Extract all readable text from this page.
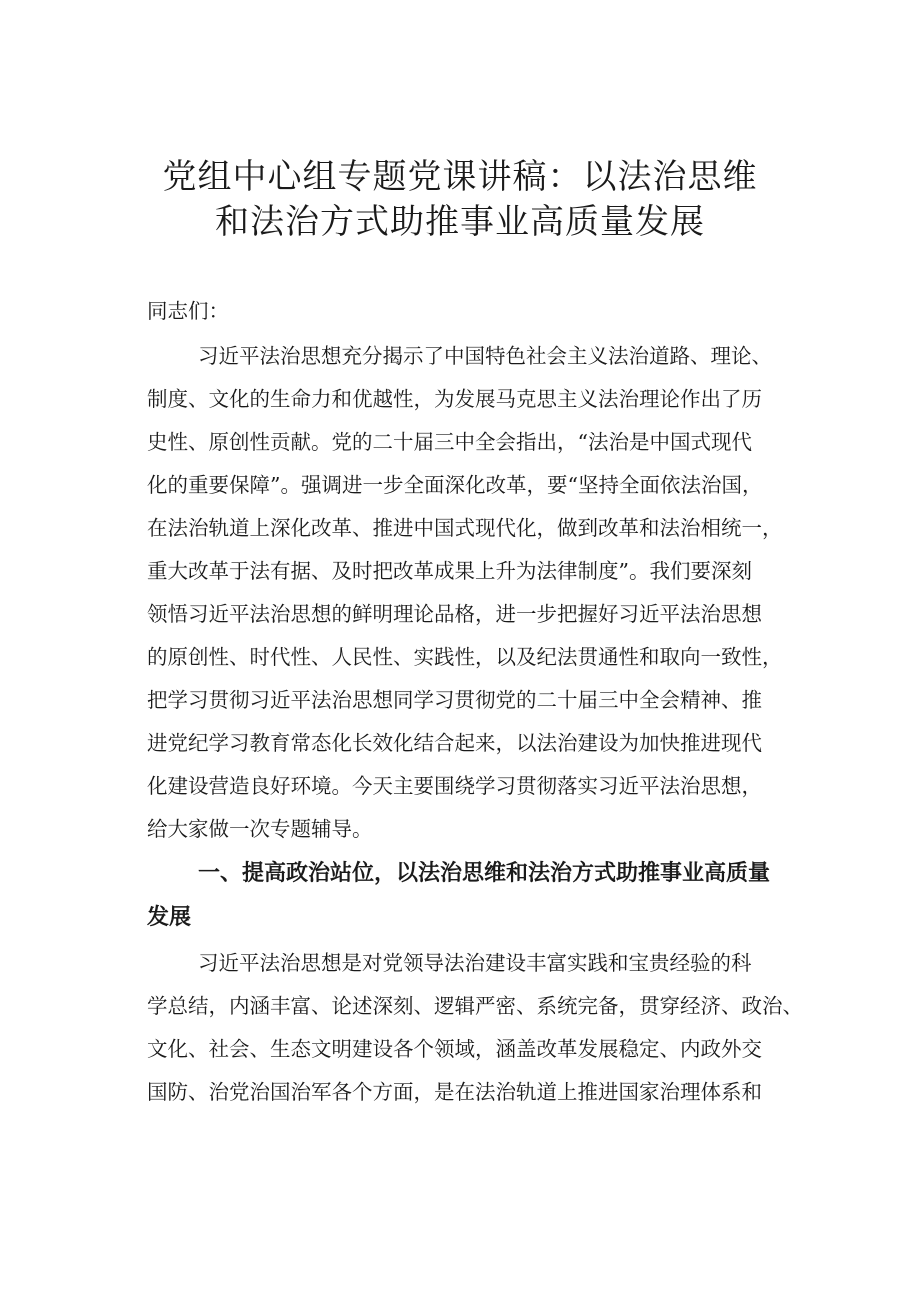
党组中心组专题党课讲稿：以法治思维
和法治方式助推事业高质量发展

同志们：

习近平法治思想充分揭示了中国特色社会主义法治道路、理论、

制度、文化的生命力和优越性，为发展马克思主义法治理论作出了历

史性、原创性贡献。党的二十届三中全会指出，“法治是中国式现代

化的重要保障”。强调进一步全面深化改革，要“坚持全面依法治国，

在法治轨道上深化改革、推进中国式现代化，做到改革和法治相统一，

重大改革于法有据、及时把改革成果上升为法律制度”。我们要深刻

领悟习近平法治思想的鲜明理论品格，进一步把握好习近平法治思想

的原创性、时代性、人民性、实践性，以及纪法贯通性和取向一致性，

把学习贯彻习近平法治思想同学习贯彻党的二十届三中全会精神、推

进党纪学习教育常态化长效化结合起来，以法治建设为加快推进现代

化建设营造良好环境。今天主要围绕学习贯彻落实习近平法治思想，

给大家做一次专题辅导。

一、提高政治站位，以法治思维和法治方式助推事业高质量

发展

习近平法治思想是对党领导法治建设丰富实践和宝贵经验的科

学总结，内涵丰富、论述深刻、逻辑严密、系统完备，贯穿经济、政治、

文化、社会、生态文明建设各个领域，涵盖改革发展稳定、内政外交

国防、治党治国治军各个方面，是在法治轨道上推进国家治理体系和
